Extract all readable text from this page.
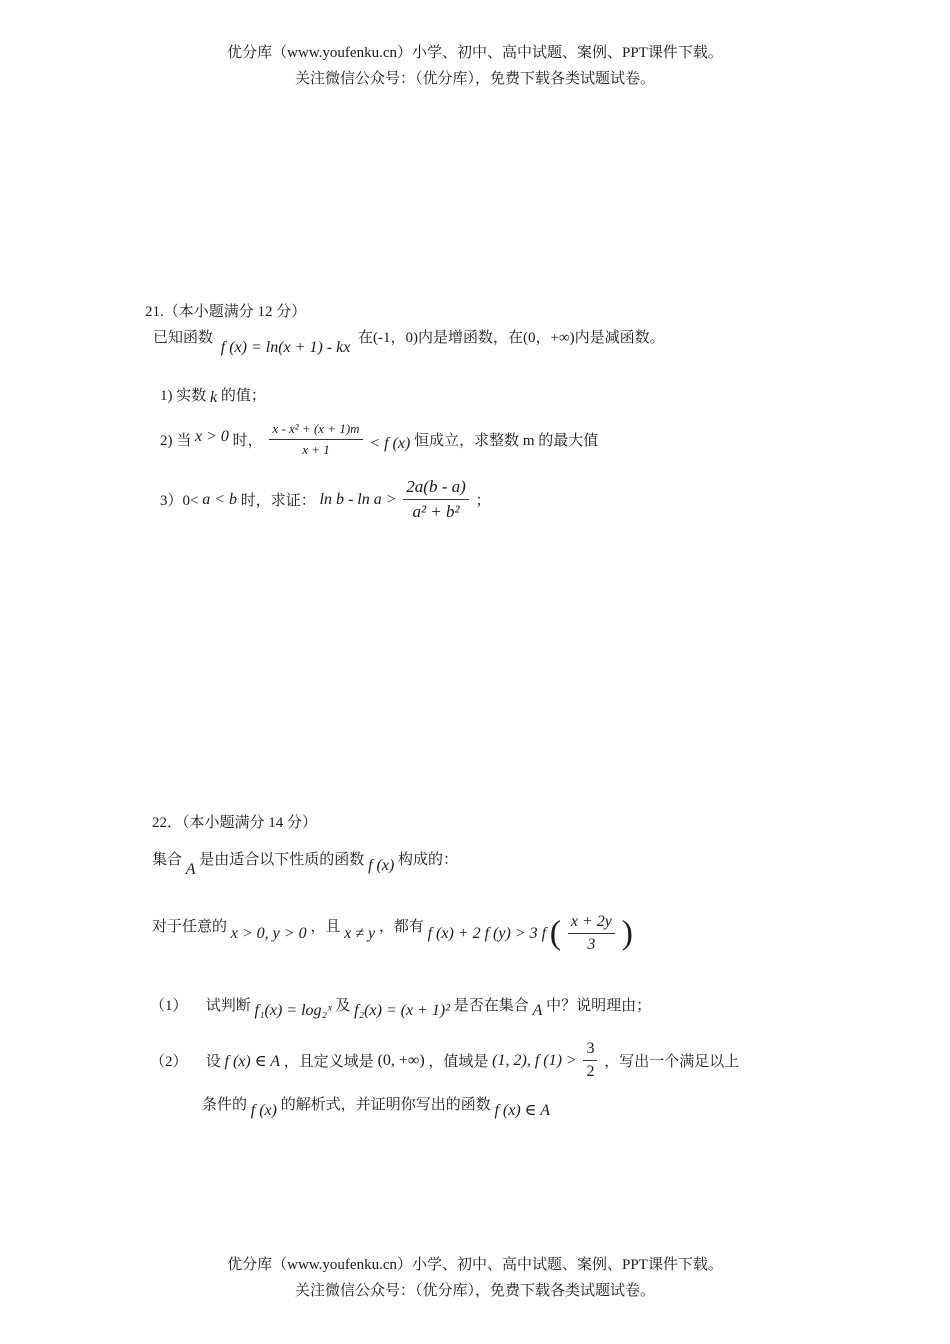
优分库（www.youfenku.cn）小学、初中、高中试题、案例、PPT课件下载。
关注微信公众号：（优分库），免费下载各类试题试卷。
21.（本小题满分 12 分）
已知函数 f (x) = ln(x + 1) - kx 在(-1，0)内是增函数，在(0，+∞)内是减函数。
1) 实数 k 的值；
2) 当 x > 0 时， $\frac{\text{x - x² + (x + 1)m}}{x + 1} < f$ (x) 恒成立，求整数 m 的最大值
3）0< a < b 时，求证： $\ln b - \ln a > \frac{2a(b - a)}{\text{a² + b²}}$ ；
22．（本小题满分 14 分）
集合 A 是由适合以下性质的函数 f (x) 构成的：
对于任意的 x > 0, y > 0 ，且 x ≠ y ，都有 f (x) + 2 f (y) > 3 f ( $\frac{x + 2y}{3}$ )
（1） 试判断 f₁(x) = log₂ˣ 及 f₂(x) = (x + 1)² 是否在集合 A 中？说明理由；
（2） 设 f (x) ∈ A ，且定义域是 (0, +∞) ，值域是 (1, 2), f $(1) > \frac{3}{2}$ ，写出一个满足以上
条件的 f (x) 的解析式，并证明你写出的函数 f (x) ∈ A
优分库（www.youfenku.cn）小学、初中、高中试题、案例、PPT课件下载。
关注微信公众号：（优分库），免费下载各类试题试卷。
